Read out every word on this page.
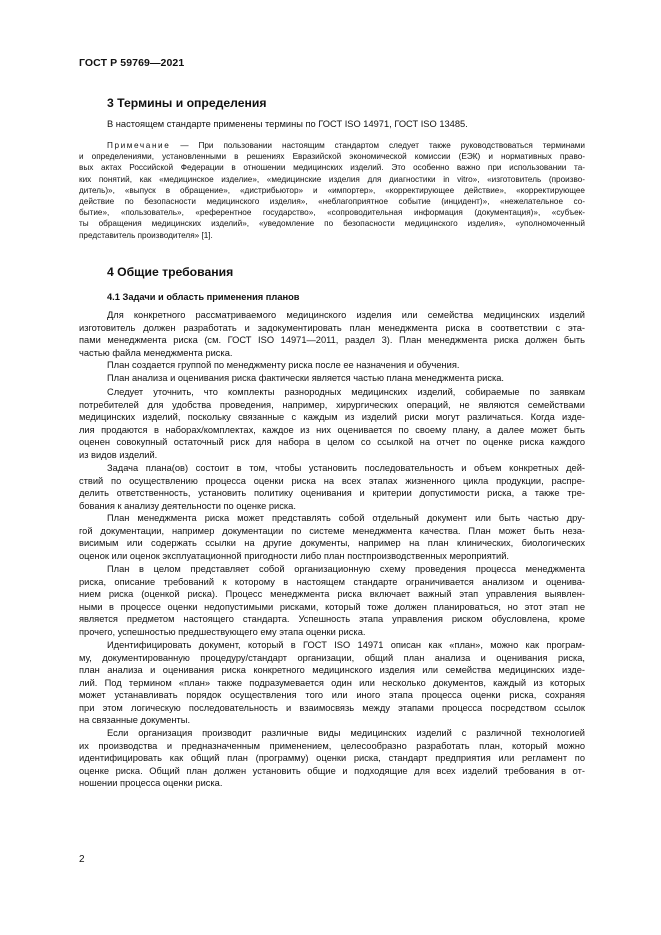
ГОСТ Р 59769—2021
3 Термины и определения
В настоящем стандарте применены термины по ГОСТ ISO 14971, ГОСТ ISO 13485.
Примечание — При пользовании настоящим стандартом следует также руководствоваться терминами
и определениями, установленными в решениях Евразийской экономической комиссии (ЕЭК) и нормативных право-
вых актах Российской Федерации в отношении медицинских изделий. Это особенно важно при использовании та-
ких понятий, как «медицинское изделие», «медицинские изделия для диагностики in vitro», «изготовитель (произво-
дитель)», «выпуск в обращение», «дистрибьютор» и «импортер», «корректирующее действие», «корректирующее
действие по безопасности медицинского изделия», «неблагоприятное событие (инцидент)», «нежелательное со-
бытие», «пользователь», «референтное государство», «сопроводительная информация (документация)», «субъек-
ты обращения медицинских изделий», «уведомление по безопасности медицинского изделия», «уполномоченный
представитель производителя» [1].
4 Общие требования
4.1 Задачи и область применения планов
Для конкретного рассматриваемого медицинского изделия или семейства медицинских изделий
изготовитель должен разработать и задокументировать план менеджмента риска в соответствии с эта-
пами менеджмента риска (см. ГОСТ ISO 14971—2011, раздел 3). План менеджмента риска должен быть
частью файла менеджмента риска.
План создается группой по менеджменту риска после ее назначения и обучения.
План анализа и оценивания риска фактически является частью плана менеджмента риска.
Следует уточнить, что комплекты разнородных медицинских изделий, собираемые по заявкам
потребителей для удобства проведения, например, хирургических операций, не являются семействами
медицинских изделий, поскольку связанные с каждым из изделий риски могут различаться. Когда изде-
лия продаются в наборах/комплектах, каждое из них оценивается по своему плану, а далее может быть
оценен совокупный остаточный риск для набора в целом со ссылкой на отчет по оценке риска каждого
из видов изделий.
Задача плана(ов) состоит в том, чтобы установить последовательность и объем конкретных дей-
ствий по осуществлению процесса оценки риска на всех этапах жизненного цикла продукции, распре-
делить ответственность, установить политику оценивания и критерии допустимости риска, а также тре-
бования к анализу деятельности по оценке риска.
План менеджмента риска может представлять собой отдельный документ или быть частью дру-
гой документации, например документации по системе менеджмента качества. План может быть неза-
висимым или содержать ссылки на другие документы, например на план клинических, биологических
оценок или оценок эксплуатационной пригодности либо план постпроизводственных мероприятий.
План в целом представляет собой организационную схему проведения процесса менеджмента
риска, описание требований к которому в настоящем стандарте ограничивается анализом и оценива-
нием риска (оценкой риска). Процесс менеджмента риска включает важный этап управления выявлен-
ными в процессе оценки недопустимыми рисками, который тоже должен планироваться, но этот этап не
является предметом настоящего стандарта. Успешность этапа управления риском обусловлена, кроме
прочего, успешностью предшествующего ему этапа оценки риска.
Идентифицировать документ, который в ГОСТ ISO 14971 описан как «план», можно как програм-
му, документированную процедуру/стандарт организации, общий план анализа и оценивания риска,
план анализа и оценивания риска конкретного медицинского изделия или семейства медицинских изде-
лий. Под термином «план» также подразумевается один или несколько документов, каждый из которых
может устанавливать порядок осуществления того или иного этапа процесса оценки риска, сохраняя
при этом логическую последовательность и взаимосвязь между этапами процесса посредством ссылок
на связанные документы.
Если организация производит различные виды медицинских изделий с различной технологией
их производства и предназначенным применением, целесообразно разработать план, который можно
идентифицировать как общий план (программу) оценки риска, стандарт предприятия или регламент по
оценке риска. Общий план должен установить общие и подходящие для всех изделий требования в от-
ношении процесса оценки риска.
2
